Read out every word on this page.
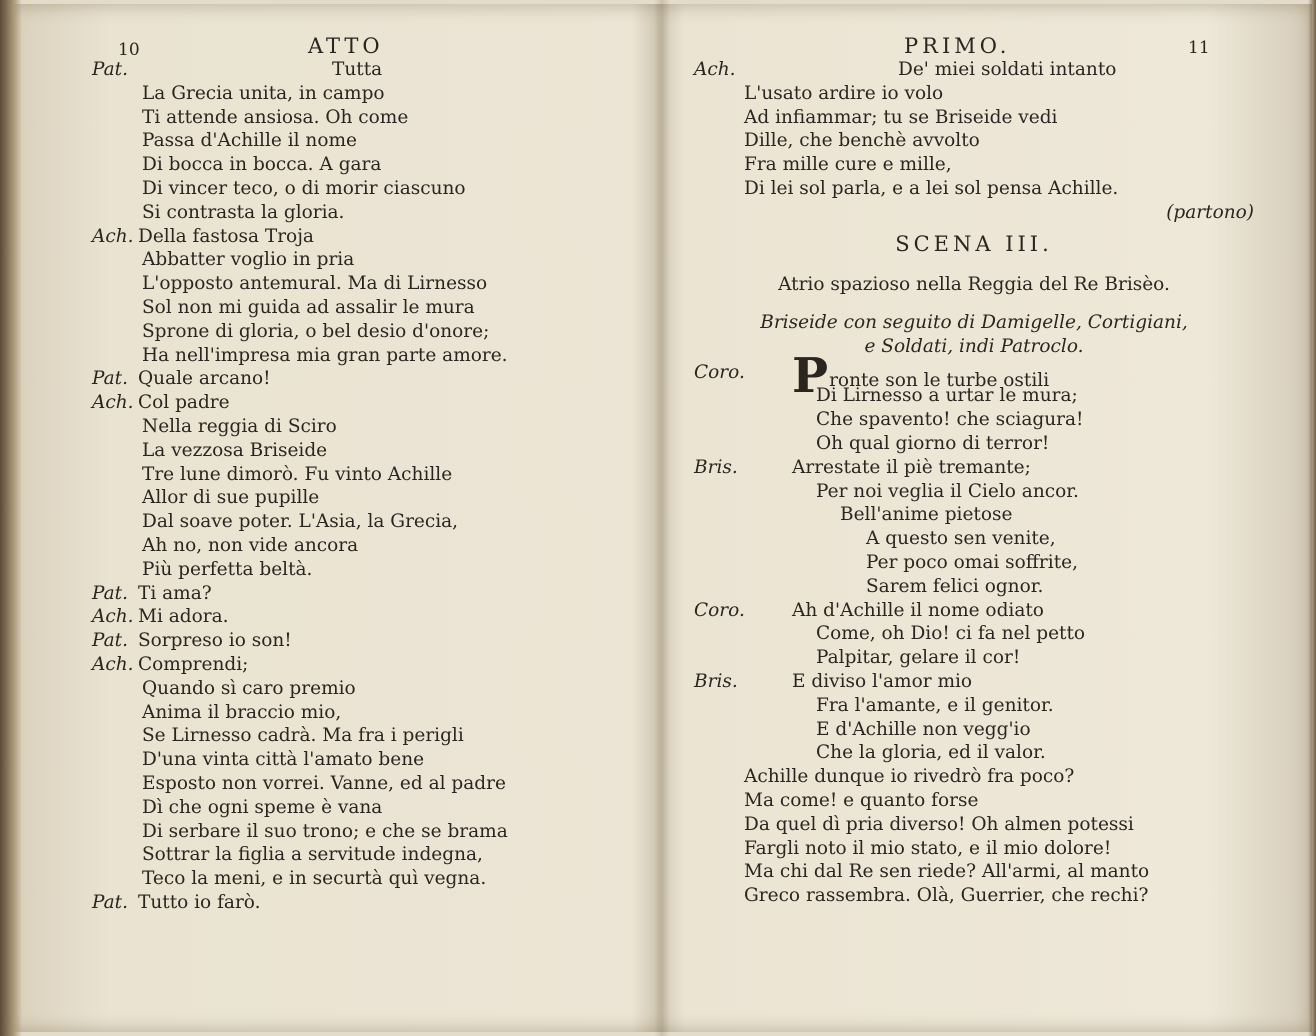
10	ATTO	PRIMO.	11
Pat.	Tutta
La Grecia unita, in campo
Ti attende ansiosa. Oh come
Passa d'Achille il nome
Di bocca in bocca. A gara
Di vincer teco, o di morir ciascuno
Si contrasta la gloria.
Ach. Della fastosa Troja
Abbatter voglio in pria
L'opposto antemural. Ma di Lirnesso
Sol non mi guida ad assalir le mura
Sprone di gloria, o bel desio d'onore;
Ha nell'impresa mia gran parte amore.
Pat. Quale arcano!
Ach. Col padre
Nella reggia di Sciro
La vezzosa Briseide
Tre lune dimorò. Fu vinto Achille
Allor di sue pupille
Dal soave poter. L'Asia, la Grecia,
Ah no, non vide ancora
Più perfetta beltà.
Pat. Ti ama?
Ach. Mi adora.
Pat. Sorpreso io son!
Ach. Comprendi;
Quando sì caro premio
Anima il braccio mio,
Se Lirnesso cadrà. Ma fra i perigli
D'una vinta città l'amato bene
Esposto non vorrei. Vanne, ed al padre
Dì che ogni speme è vana
Di serbare il suo trono; e che se brama
Sottrar la figlia a servitude indegna,
Teco la meni, e in securtà quì vegna.
Pat. Tutto io farò.
Ach.	De' miei soldati intanto
L'usato ardire io volo
Ad infiammar; tu se Briseide vedi
Dille, che benchè avvolto
Fra mille cure e mille,
Di lei sol parla, e a lei sol pensa Achille.
(partono)
SCENA III.
Atrio spazioso nella Reggia del Re Brisèo.
Briseide con seguito di Damigelle, Cortigiani,
e Soldati, indi Patroclo.
Coro. Pronte son le turbe ostili
Di Lirnesso a urtar le mura;
Che spavento! che sciagura!
Oh qual giorno di terror!
Bris.	Arrestate il piè tremante;
Per noi veglia il Cielo ancor.
Bell'anime pietose
A questo sen venite,
Per poco omai soffrite,
Sarem felici ognor.
Coro.	Ah d'Achille il nome odiato
Come, oh Dio! ci fa nel petto
Palpitar, gelare il cor!
Bris.	E diviso l'amor mio
Fra l'amante, e il genitor.
E d'Achille non vegg'io
Che la gloria, ed il valor.
Achille dunque io rivedrò fra poco?
Ma come! e quanto forse
Da quel dì pria diverso! Oh almen potessi
Fargli noto il mio stato, e il mio dolore!
Ma chi dal Re sen riede? All'armi, al manto
Greco rassembra. Olà, Guerrier, che rechi?
